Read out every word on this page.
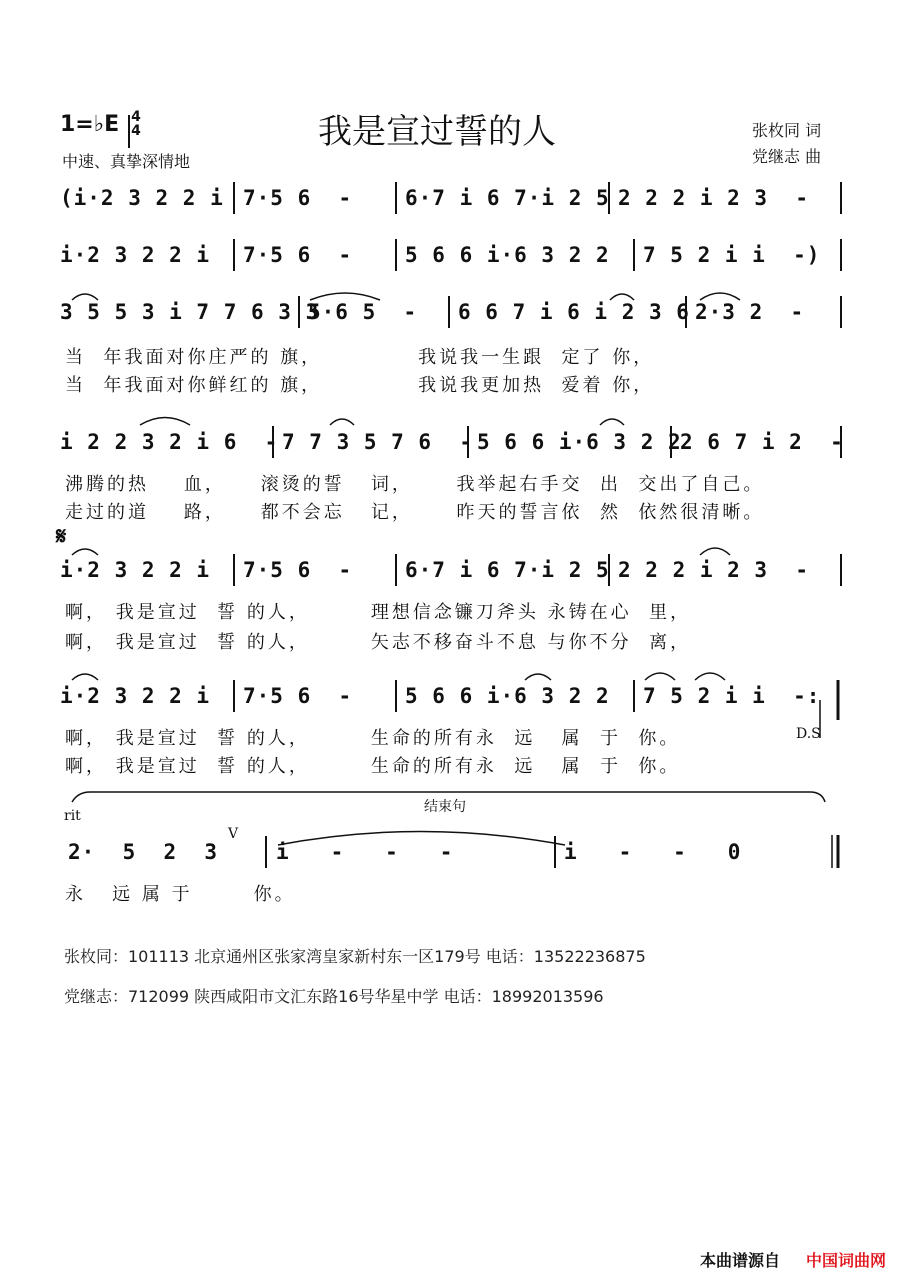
1=♭E 4
4
中速、真挚深情地
我是宣过誓的人	张枚同 词
党继志 曲
(i·2 3 2 2 i 7·5 6  -	6·7 i 6 7·i 2 5 2 2 2 i 2 3  -
i·2 3 2 2 i 7·5 6  -	5 6 6 i·6 3 2 2 7 5 2 i i  -)
3 5 5 3 i 7 7 6 3 3
5·6 5  - 6 6 7 i 6 i 2 3 6 2·3 2  -
当  年我面对你庄严的 旗，           我说我一生跟  定了 你，
当  年我面对你鲜红的 旗，           我说我更加热  爱着 你，
i 2 2 3 2 i 6  - 7 7 3 5 7 6  - 5 6 6 i·6 3 2 2
2 6 7 i 2  -
沸腾的热    血，    滚烫的誓   词，     我举起右手交  出  交出了自己。
走过的道    路，    都不会忘   记，     昨天的誓言依  然  依然很清晰。
𝄋
i·2 3 2 2 i 7·5 6  -	6·7 i 6 7·i 2 5 2 2 2 i 2 3  -
啊， 我是宣过  誓 的人，       理想信念镰刀斧头 永铸在心  里，
啊， 我是宣过  誓 的人，       矢志不移奋斗不息 与你不分  离，
i·2 3 2 2 i 7·5 6  -	5 6 6 i·6 3 2 2 7 5 2 i i  -:
啊， 我是宣过  誓 的人，       生命的所有永  远   属  于  你。	D.S
啊， 我是宣过  誓 的人，       生命的所有永  远   属  于  你。
结束句
rit
V
2·  5  2  3	i   -   -   -	i   -   -   0
永   远 属 于       你。
张枚同：101113 北京通州区张家湾皇家新村东一区179号 电话：13522236875
党继志：712099 陕西咸阳市文汇东路16号华星中学 电话：18992013596
本曲谱源自 中国词曲网
